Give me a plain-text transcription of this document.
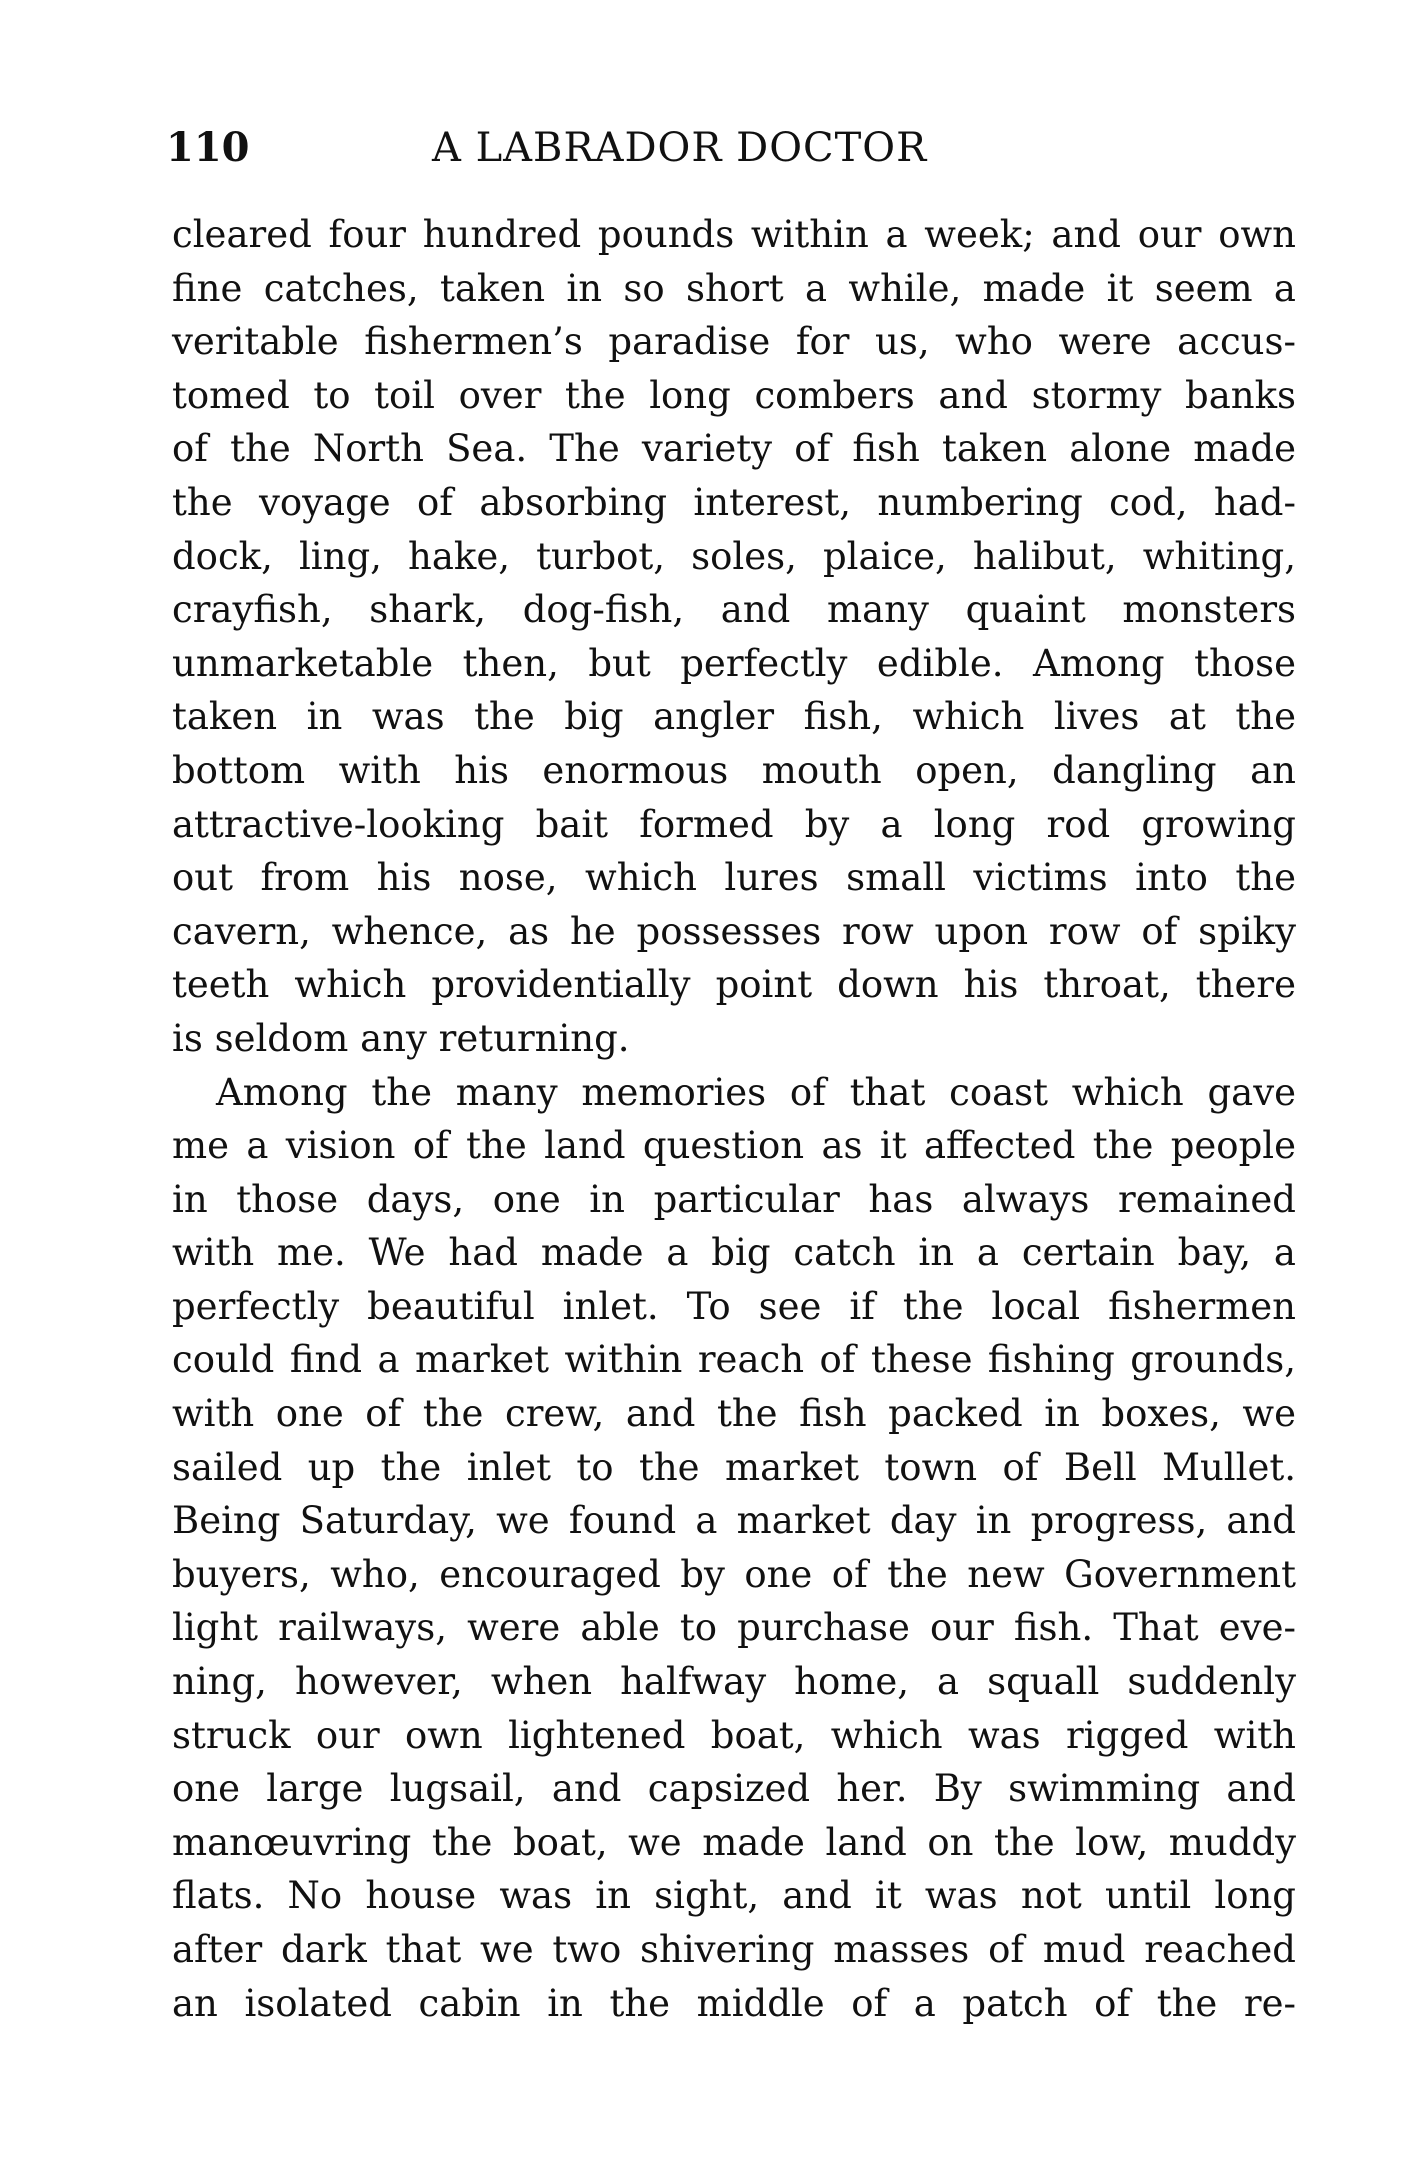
110	A LABRADOR DOCTOR
cleared four hundred pounds within a week; and our own
fine catches, taken in so short a while, made it seem a
veritable fishermen’s paradise for us, who were accus-
tomed to toil over the long combers and stormy banks
of the North Sea. The variety of fish taken alone made
the voyage of absorbing interest, numbering cod, had-
dock, ling, hake, turbot, soles, plaice, halibut, whiting,
crayfish, shark, dog-fish, and many quaint monsters
unmarketable then, but perfectly edible. Among those
taken in was the big angler fish, which lives at the
bottom with his enormous mouth open, dangling an
attractive-looking bait formed by a long rod growing
out from his nose, which lures small victims into the
cavern, whence, as he possesses row upon row of spiky
teeth which providentially point down his throat, there
is seldom any returning.
Among the many memories of that coast which gave
me a vision of the land question as it affected the people
in those days, one in particular has always remained
with me. We had made a big catch in a certain bay, a
perfectly beautiful inlet. To see if the local fishermen
could find a market within reach of these fishing grounds,
with one of the crew, and the fish packed in boxes, we
sailed up the inlet to the market town of Bell Mullet.
Being Saturday, we found a market day in progress, and
buyers, who, encouraged by one of the new Government
light railways, were able to purchase our fish. That eve-
ning, however, when halfway home, a squall suddenly
struck our own lightened boat, which was rigged with
one large lugsail, and capsized her. By swimming and
manœuvring the boat, we made land on the low, muddy
flats. No house was in sight, and it was not until long
after dark that we two shivering masses of mud reached
an isolated cabin in the middle of a patch of the re-
